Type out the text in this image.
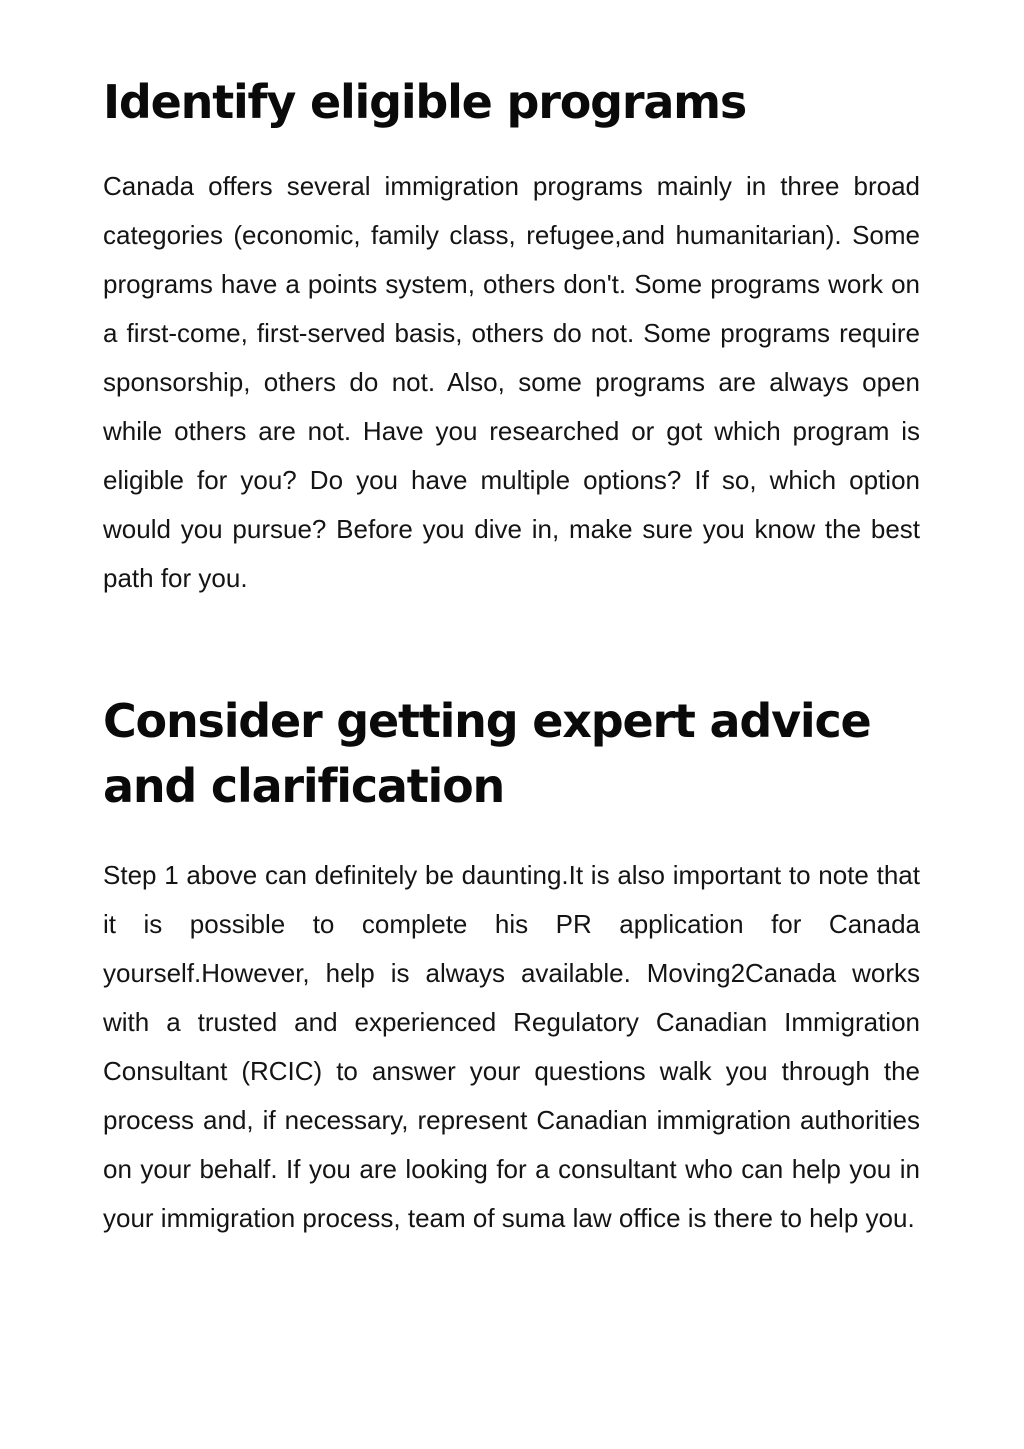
Identify eligible programs

Canada offers several immigration programs mainly in three broad categories (economic, family class, refugee,and humanitarian). Some programs have a points system, others don't. Some programs work on a first-come, first-served basis, others do not. Some programs require sponsorship, others do not. Also, some programs are always open while others are not. Have you researched or got which program is eligible for you? Do you have multiple options? If so, which option would you pursue? Before you dive in, make sure you know the best path for you.

Consider getting expert advice and clarification

Step 1 above can definitely be daunting.It is also important to note that it is possible to complete his PR application for Canada yourself.However, help is always available. Moving2Canada works with a trusted and experienced Regulatory Canadian Immigration Consultant (RCIC) to answer your questions walk you through the process and, if necessary, represent Canadian immigration authorities on your behalf. If you are looking for a consultant who can help you in your immigration process, team of suma law office is there to help you.
